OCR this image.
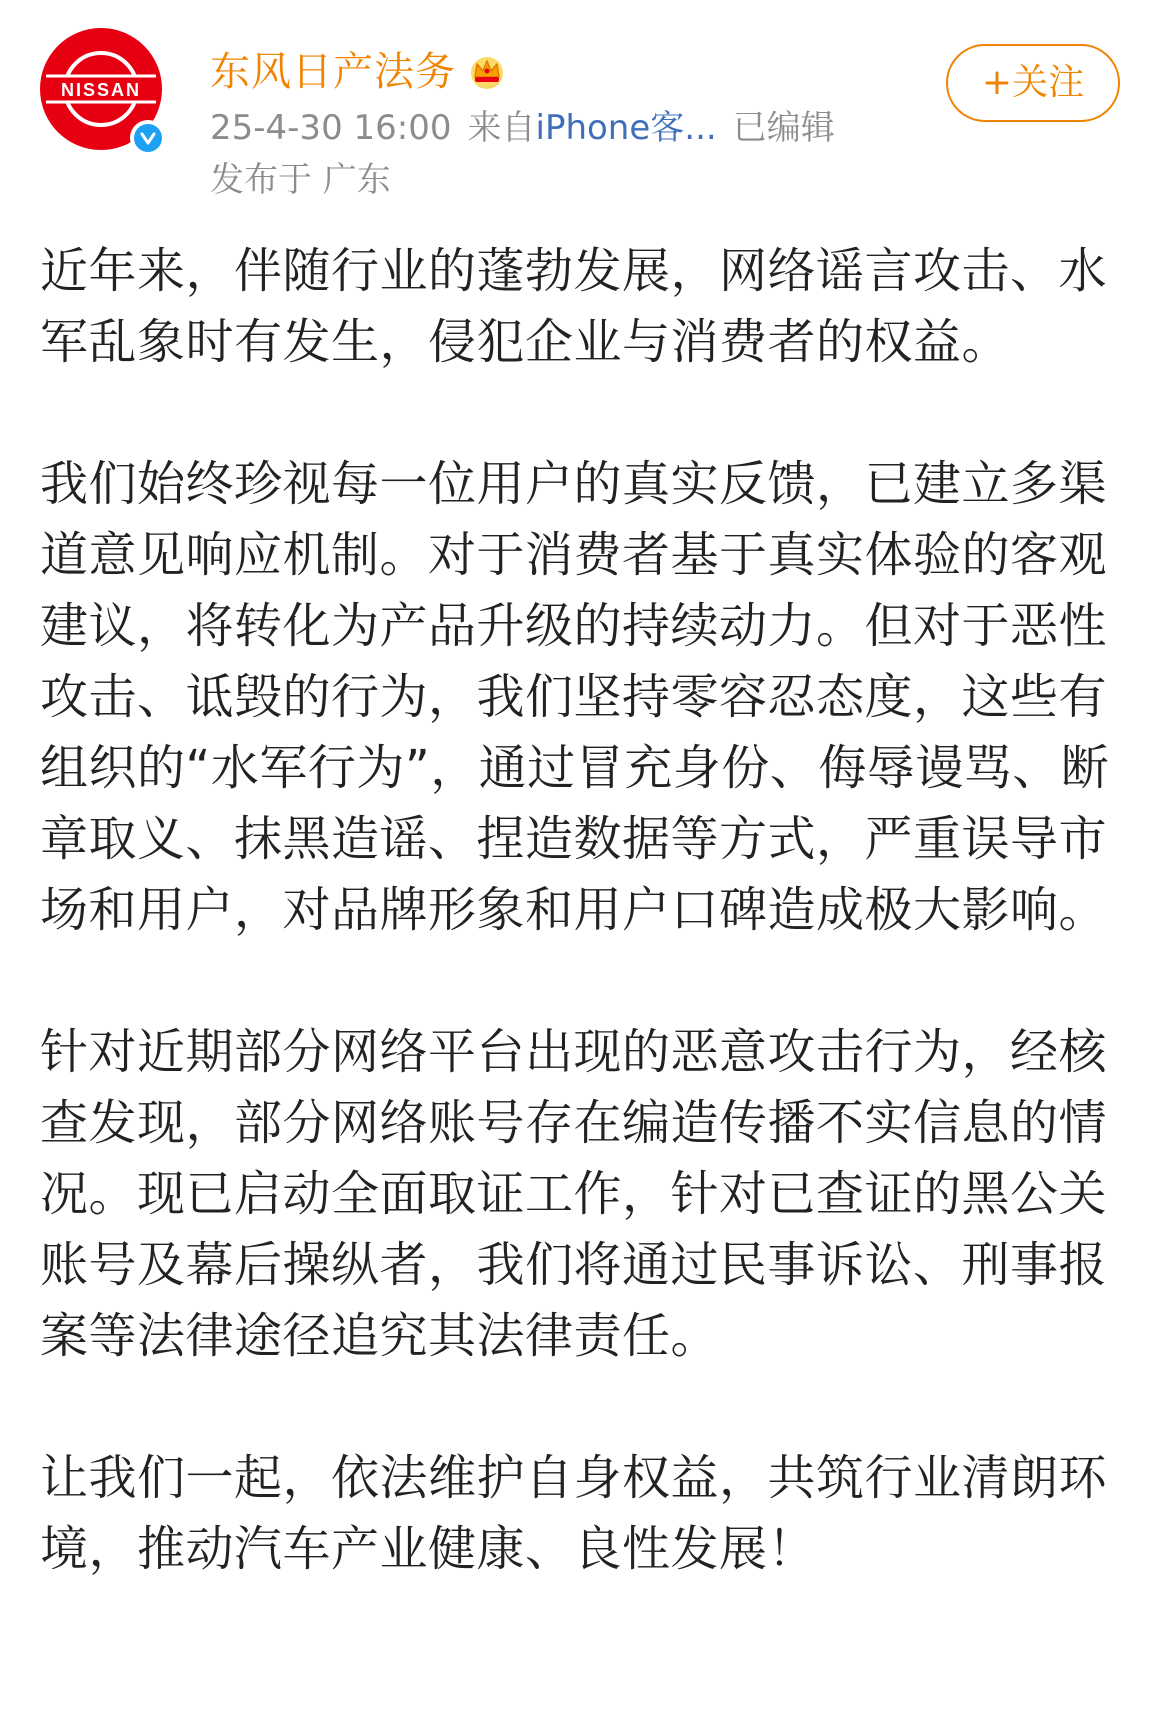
NISSAN 东风日产法务
25-4-30 16:00 来自iPhone客... 已编辑
发布于 广东
+关注

近年来，伴随行业的蓬勃发展，网络谣言攻击、水军乱象时有发生，侵犯企业与消费者的权益。

我们始终珍视每一位用户的真实反馈，已建立多渠道意见响应机制。对于消费者基于真实体验的客观建议，将转化为产品升级的持续动力。但对于恶性攻击、诋毁的行为，我们坚持零容忍态度，这些有组织的“水军行为”，通过冒充身份、侮辱谩骂、断章取义、抹黑造谣、捏造数据等方式，严重误导市场和用户，对品牌形象和用户口碑造成极大影响。

针对近期部分网络平台出现的恶意攻击行为，经核查发现，部分网络账号存在编造传播不实信息的情况。现已启动全面取证工作，针对已查证的黑公关账号及幕后操纵者，我们将通过民事诉讼、刑事报案等法律途径追究其法律责任。

让我们一起，依法维护自身权益，共筑行业清朗环境，推动汽车产业健康、良性发展！
